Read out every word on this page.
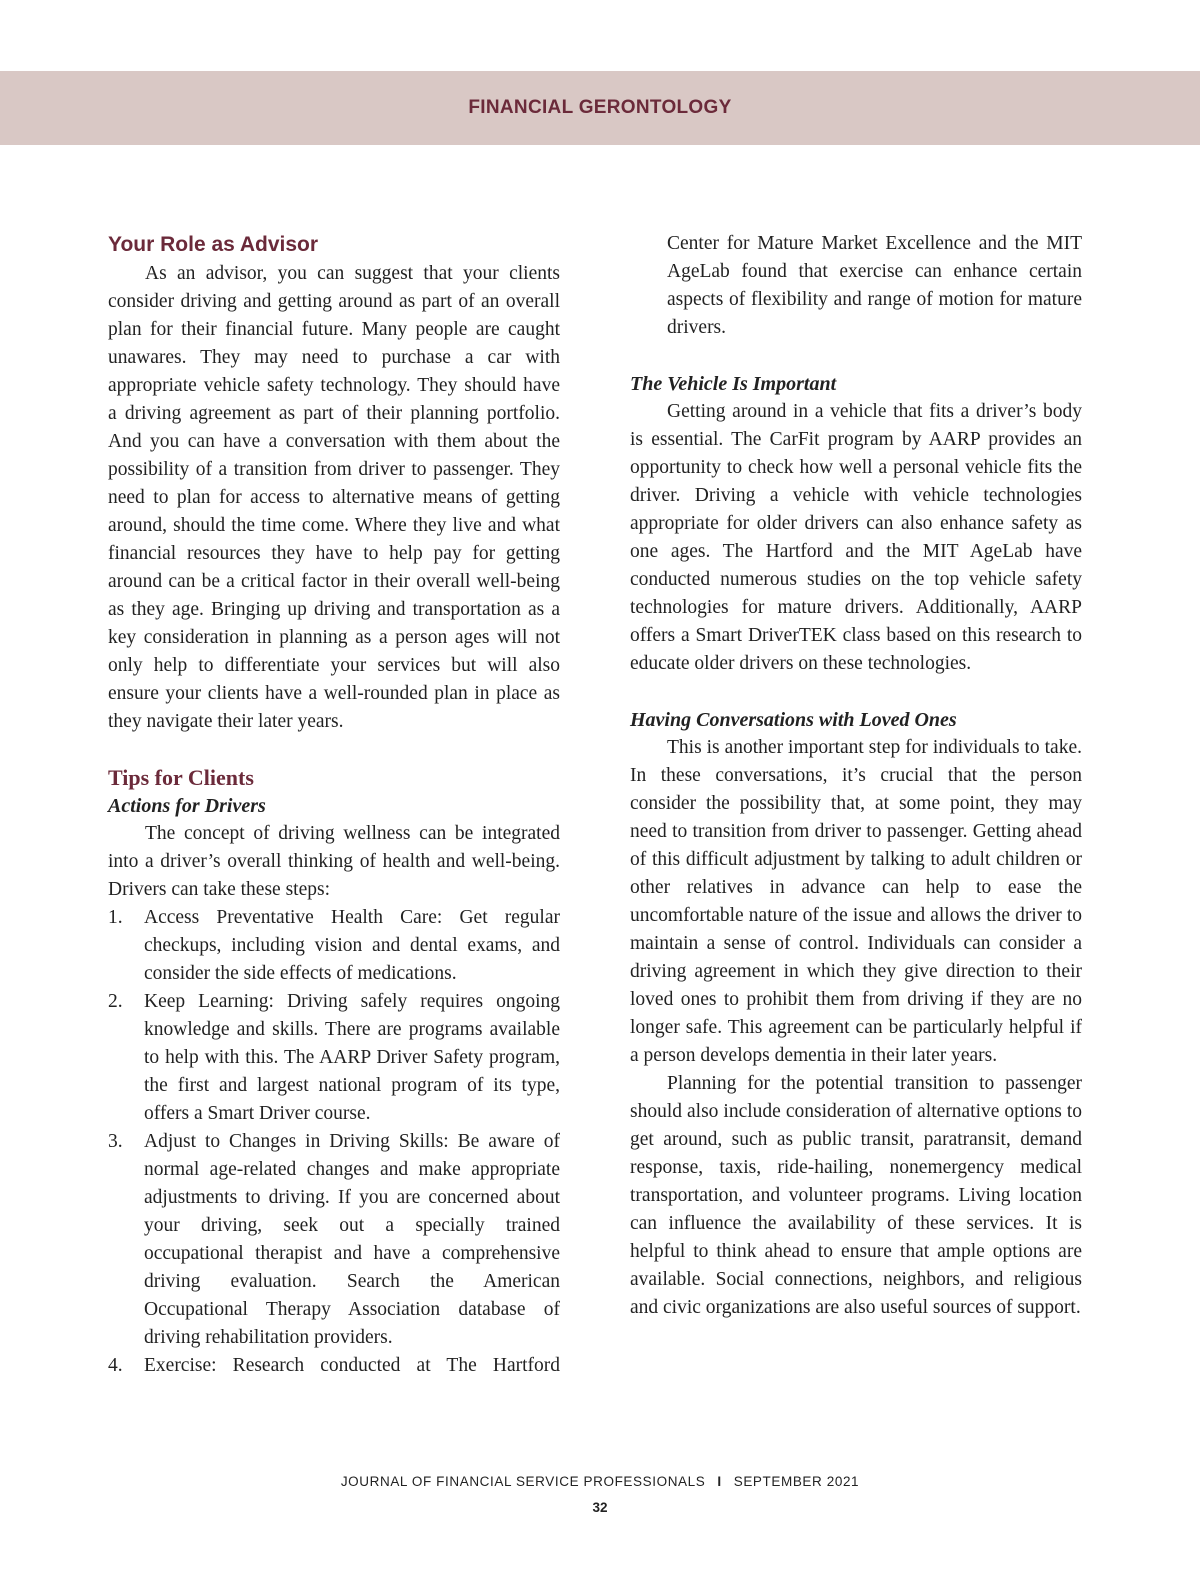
FINANCIAL GERONTOLOGY
Your Role as Advisor

As an advisor, you can suggest that your clients consider driving and getting around as part of an overall plan for their financial future. Many people are caught unawares. They may need to purchase a car with appropriate vehicle safety technology. They should have a driving agreement as part of their planning portfolio. And you can have a conversation with them about the possibility of a transition from driver to passenger. They need to plan for access to alternative means of getting around, should the time come. Where they live and what financial resources they have to help pay for getting around can be a critical factor in their overall well-being as they age. Bringing up driving and transportation as a key consideration in planning as a person ages will not only help to differentiate your services but will also ensure your clients have a well-rounded plan in place as they navigate their later years.

Tips for Clients
Actions for Drivers

The concept of driving wellness can be integrated into a driver’s overall thinking of health and well-being. Drivers can take these steps:

1. Access Preventative Health Care: Get regular checkups, including vision and dental exams, and consider the side effects of medications.
2. Keep Learning: Driving safely requires ongoing knowledge and skills. There are programs available to help with this. The AARP Driver Safety program, the first and largest national program of its type, offers a Smart Driver course.
3. Adjust to Changes in Driving Skills: Be aware of normal age-related changes and make appropriate adjustments to driving. If you are concerned about your driving, seek out a specially trained occupational therapist and have a comprehensive driving evaluation. Search the American Occupational Therapy Association database of driving rehabilitation providers.
4. Exercise: Research conducted at The Hartford

Center for Mature Market Excellence and the MIT AgeLab found that exercise can enhance certain aspects of flexibility and range of motion for mature drivers.

The Vehicle Is Important

Getting around in a vehicle that fits a driver’s body is essential. The CarFit program by AARP provides an opportunity to check how well a personal vehicle fits the driver. Driving a vehicle with vehicle technologies appropriate for older drivers can also enhance safety as one ages. The Hartford and the MIT AgeLab have conducted numerous studies on the top vehicle safety technologies for mature drivers. Additionally, AARP offers a Smart DriverTEK class based on this research to educate older drivers on these technologies.

Having Conversations with Loved Ones

This is another important step for individuals to take. In these conversations, it’s crucial that the person consider the possibility that, at some point, they may need to transition from driver to passenger. Getting ahead of this difficult adjustment by talking to adult children or other relatives in advance can help to ease the uncomfortable nature of the issue and allows the driver to maintain a sense of control. Individuals can consider a driving agreement in which they give direction to their loved ones to prohibit them from driving if they are no longer safe. This agreement can be particularly helpful if a person develops dementia in their later years.

Planning for the potential transition to passenger should also include consideration of alternative options to get around, such as public transit, paratransit, demand response, taxis, ride-hailing, nonemergency medical transportation, and volunteer programs. Living location can influence the availability of these services. It is helpful to think ahead to ensure that ample options are available. Social connections, neighbors, and religious and civic organizations are also useful sources of support.

JOURNAL OF FINANCIAL SERVICE PROFESSIONALS I SEPTEMBER 2021
32
